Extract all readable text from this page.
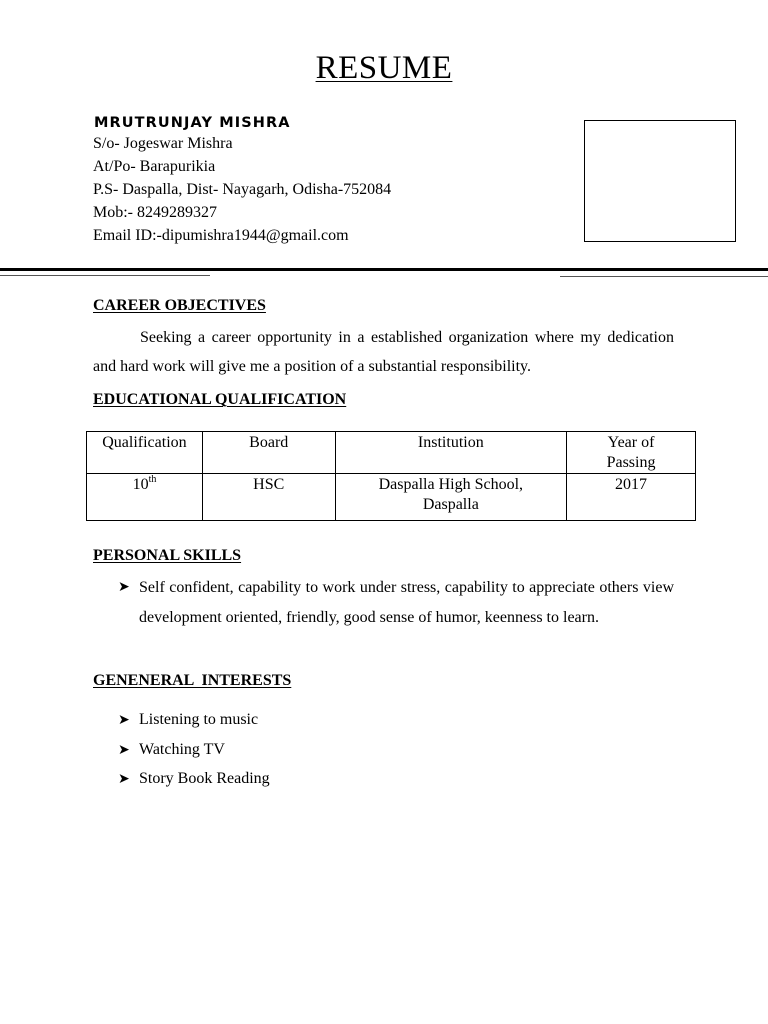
RESUME
MRUTRUNJAY MISHRA
S/o- Jogeswar Mishra
At/Po- Barapurikia
P.S- Daspalla, Dist- Nayagarh, Odisha-752084
Mob:- 8249289327
Email ID:-dipumishra1944@gmail.com
CAREER OBJECTIVES
Seeking a career opportunity in a established organization where my dedication and hard work will give me a position of a substantial responsibility.
EDUCATIONAL QUALIFICATION
Qualification	Board	Institution	Year of Passing
10th	HSC	Daspalla High School, Daspalla	2017
PERSONAL SKILLS
➤ Self confident, capability to work under stress, capability to appreciate others view development oriented, friendly, good sense of humor, keenness to learn.
GENENERAL  INTERESTS
➤ Listening to music
➤ Watching TV
➤ Story Book Reading
